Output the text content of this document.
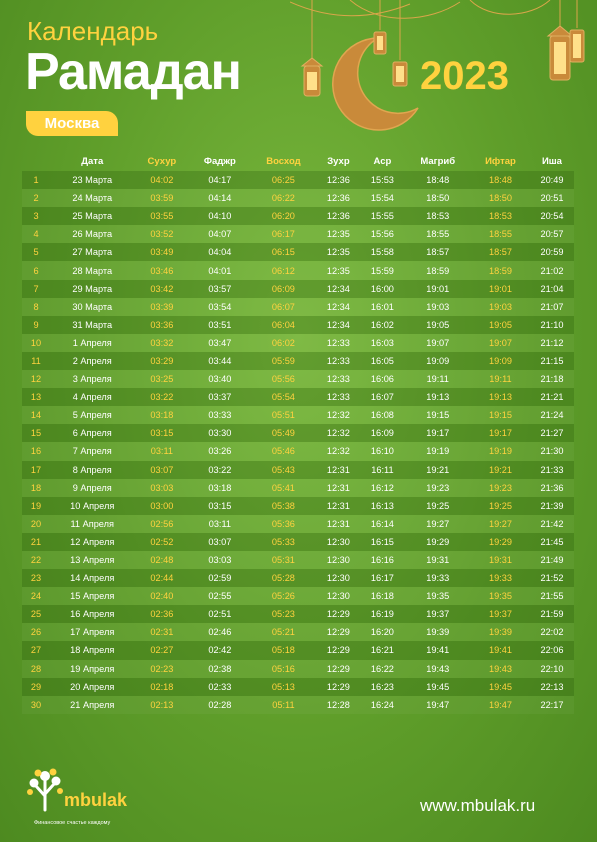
Календарь
Рамадан	2023
Москва
	Дата	Сухур	Фаджр	Восход	Зухр	Аср	Магриб	Ифтар	Иша
1	23 Марта	04:02	04:17	06:25	12:36	15:53	18:48	18:48	20:49
2	24 Марта	03:59	04:14	06:22	12:36	15:54	18:50	18:50	20:51
3	25 Марта	03:55	04:10	06:20	12:36	15:55	18:53	18:53	20:54
4	26 Марта	03:52	04:07	06:17	12:35	15:56	18:55	18:55	20:57
5	27 Марта	03:49	04:04	06:15	12:35	15:58	18:57	18:57	20:59
6	28 Марта	03:46	04:01	06:12	12:35	15:59	18:59	18:59	21:02
7	29 Марта	03:42	03:57	06:09	12:34	16:00	19:01	19:01	21:04
8	30 Марта	03:39	03:54	06:07	12:34	16:01	19:03	19:03	21:07
9	31 Марта	03:36	03:51	06:04	12:34	16:02	19:05	19:05	21:10
10	1 Апреля	03:32	03:47	06:02	12:33	16:03	19:07	19:07	21:12
11	2 Апреля	03:29	03:44	05:59	12:33	16:05	19:09	19:09	21:15
12	3 Апреля	03:25	03:40	05:56	12:33	16:06	19:11	19:11	21:18
13	4 Апреля	03:22	03:37	05:54	12:33	16:07	19:13	19:13	21:21
14	5 Апреля	03:18	03:33	05:51	12:32	16:08	19:15	19:15	21:24
15	6 Апреля	03:15	03:30	05:49	12:32	16:09	19:17	19:17	21:27
16	7 Апреля	03:11	03:26	05:46	12:32	16:10	19:19	19:19	21:30
17	8 Апреля	03:07	03:22	05:43	12:31	16:11	19:21	19:21	21:33
18	9 Апреля	03:03	03:18	05:41	12:31	16:12	19:23	19:23	21:36
19	10 Апреля	03:00	03:15	05:38	12:31	16:13	19:25	19:25	21:39
20	11 Апреля	02:56	03:11	05:36	12:31	16:14	19:27	19:27	21:42
21	12 Апреля	02:52	03:07	05:33	12:30	16:15	19:29	19:29	21:45
22	13 Апреля	02:48	03:03	05:31	12:30	16:16	19:31	19:31	21:49
23	14 Апреля	02:44	02:59	05:28	12:30	16:17	19:33	19:33	21:52
24	15 Апреля	02:40	02:55	05:26	12:30	16:18	19:35	19:35	21:55
25	16 Апреля	02:36	02:51	05:23	12:29	16:19	19:37	19:37	21:59
26	17 Апреля	02:31	02:46	05:21	12:29	16:20	19:39	19:39	22:02
27	18 Апреля	02:27	02:42	05:18	12:29	16:21	19:41	19:41	22:06
28	19 Апреля	02:23	02:38	05:16	12:29	16:22	19:43	19:43	22:10
29	20 Апреля	02:18	02:33	05:13	12:29	16:23	19:45	19:45	22:13
30	21 Апреля	02:13	02:28	05:11	12:28	16:24	19:47	19:47	22:17
mbulak
Финансовое счастье каждому
www.mbulak.ru
